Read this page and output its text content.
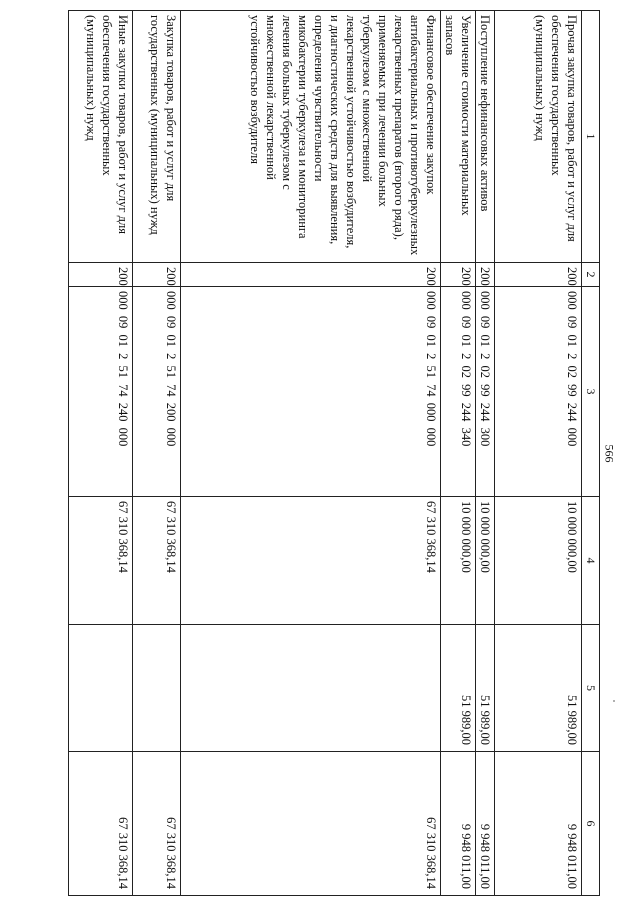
566
1	2	3	4	5	6
Прочая закупка товаров, работ и услуг для обеспечения государственных (муниципальных) нужд	200	000 09 01 2 02 99 244 000	10 000 000,00	51 989,00	9 948 011,00
Поступление нефинансовых активов	200	000 09 01 2 02 99 244 300	10 000 000,00	51 989,00	9 948 011,00
Увеличение стоимости материальных запасов	200	000 09 01 2 02 99 244 340	10 000 000,00	51 989,00	9 948 011,00
Финансовое обеспечение закупок антибактериальных и противотуберкулезных лекарственных препаратов (второго ряда), применяемых при лечении больных туберкулезом с множественной лекарственной устойчивостью возбудителя, и диагностических средств для выявления, определения чувствительности микобактерии туберкулеза и мониторинга лечения больных туберкулезом с множественной лекарственной устойчивостью возбудителя	200	000 09 01 2 51 74 000 000	67 310 368,14		67 310 368,14
Закупка товаров, работ и услуг для государственных (муниципальных) нужд	200	000 09 01 2 51 74 200 000	67 310 368,14		67 310 368,14
Иные закупки товаров, работ и услуг для обеспечения государственных (муниципальных) нужд	200	000 09 01 2 51 74 240 000	67 310 368,14		67 310 368,14
